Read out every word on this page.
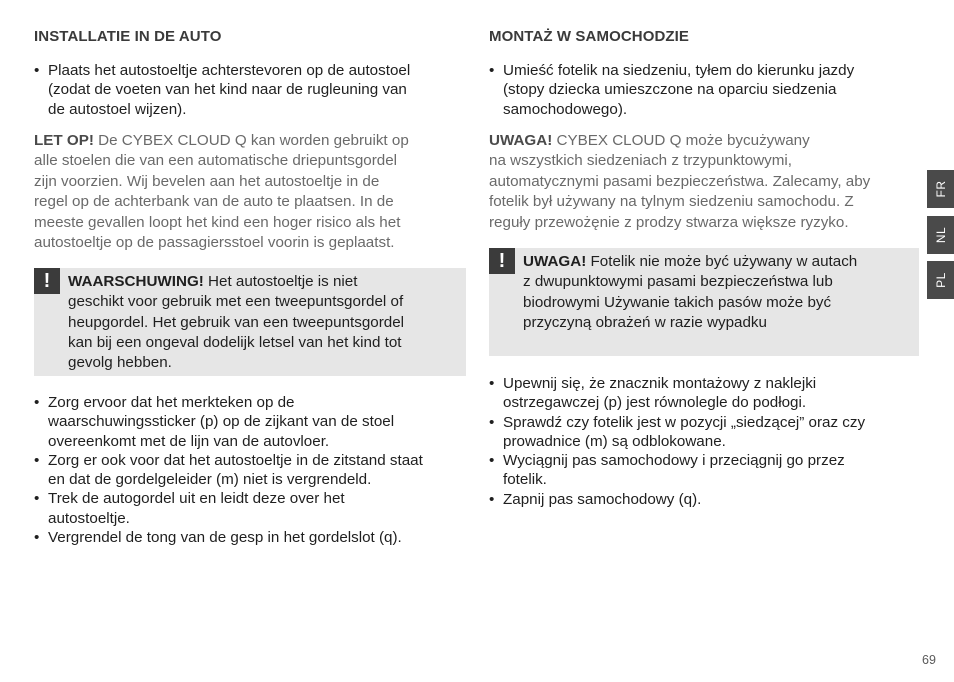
INSTALLATIE IN DE AUTO
• Plaats het autostoeltje achterstevoren op de autostoel
(zodat de voeten van het kind naar de rugleuning van
de autostoel wijzen).

LET OP! De CYBEX CLOUD Q kan worden gebruikt op
alle stoelen die van een automatische driepuntsgordel
zijn voorzien. Wij bevelen aan het autostoeltje in de
regel op de achterbank van de auto te plaatsen. In de
meeste gevallen loopt het kind een hoger risico als het
autostoeltje op de passagiersstoel voorin is geplaatst.

!	WAARSCHUWING! Het autostoeltje is niet
geschikt voor gebruik met een tweepuntsgordel of
heupgordel. Het gebruik van een tweepuntsgordel
kan bij een ongeval dodelijk letsel van het kind tot
gevolg hebben.
• Zorg ervoor dat het merkteken op de
waarschuwingssticker (p) op de zijkant van de stoel
overeenkomt met de lijn van de autovloer.
• Zorg er ook voor dat het autostoeltje in de zitstand staat
en dat de gordelgeleider (m) niet is vergrendeld.
• Trek de autogordel uit en leidt deze over het
autostoeltje.
• Vergrendel de tong van de gesp in het gordelslot (q).
MONTAŻ W SAMOCHODZIE
• Umieść fotelik na siedzeniu, tyłem do kierunku jazdy
(stopy dziecka umieszczone na oparciu siedzenia
samochodowego).

UWAGA! CYBEX CLOUD Q może bycużywany
na wszystkich siedzeniach z trzypunktowymi,
automatycznymi pasami bezpieczeństwa. Zalecamy, aby
fotelik był używany na tylnym siedzeniu samochodu. Z
reguły przewożęnie z prodzy stwarza większe ryzyko.

!	UWAGA! Fotelik nie może być używany w autach
z dwupunktowymi pasami bezpieczeństwa lub
biodrowymi Używanie takich pasów może być
przyczyną obrażeń w razie wypadku
• Upewnij się, że znacznik montażowy z naklejki
ostrzegawczej (p) jest równolegle do podłogi.
• Sprawdź czy fotelik jest w pozycji „siedzącej” oraz czy
prowadnice (m) są odblokowane.
• Wyciągnij pas samochodowy i przeciągnij go przez
fotelik.
• Zapnij pas samochodowy (q).
FR
NL
PL
69
